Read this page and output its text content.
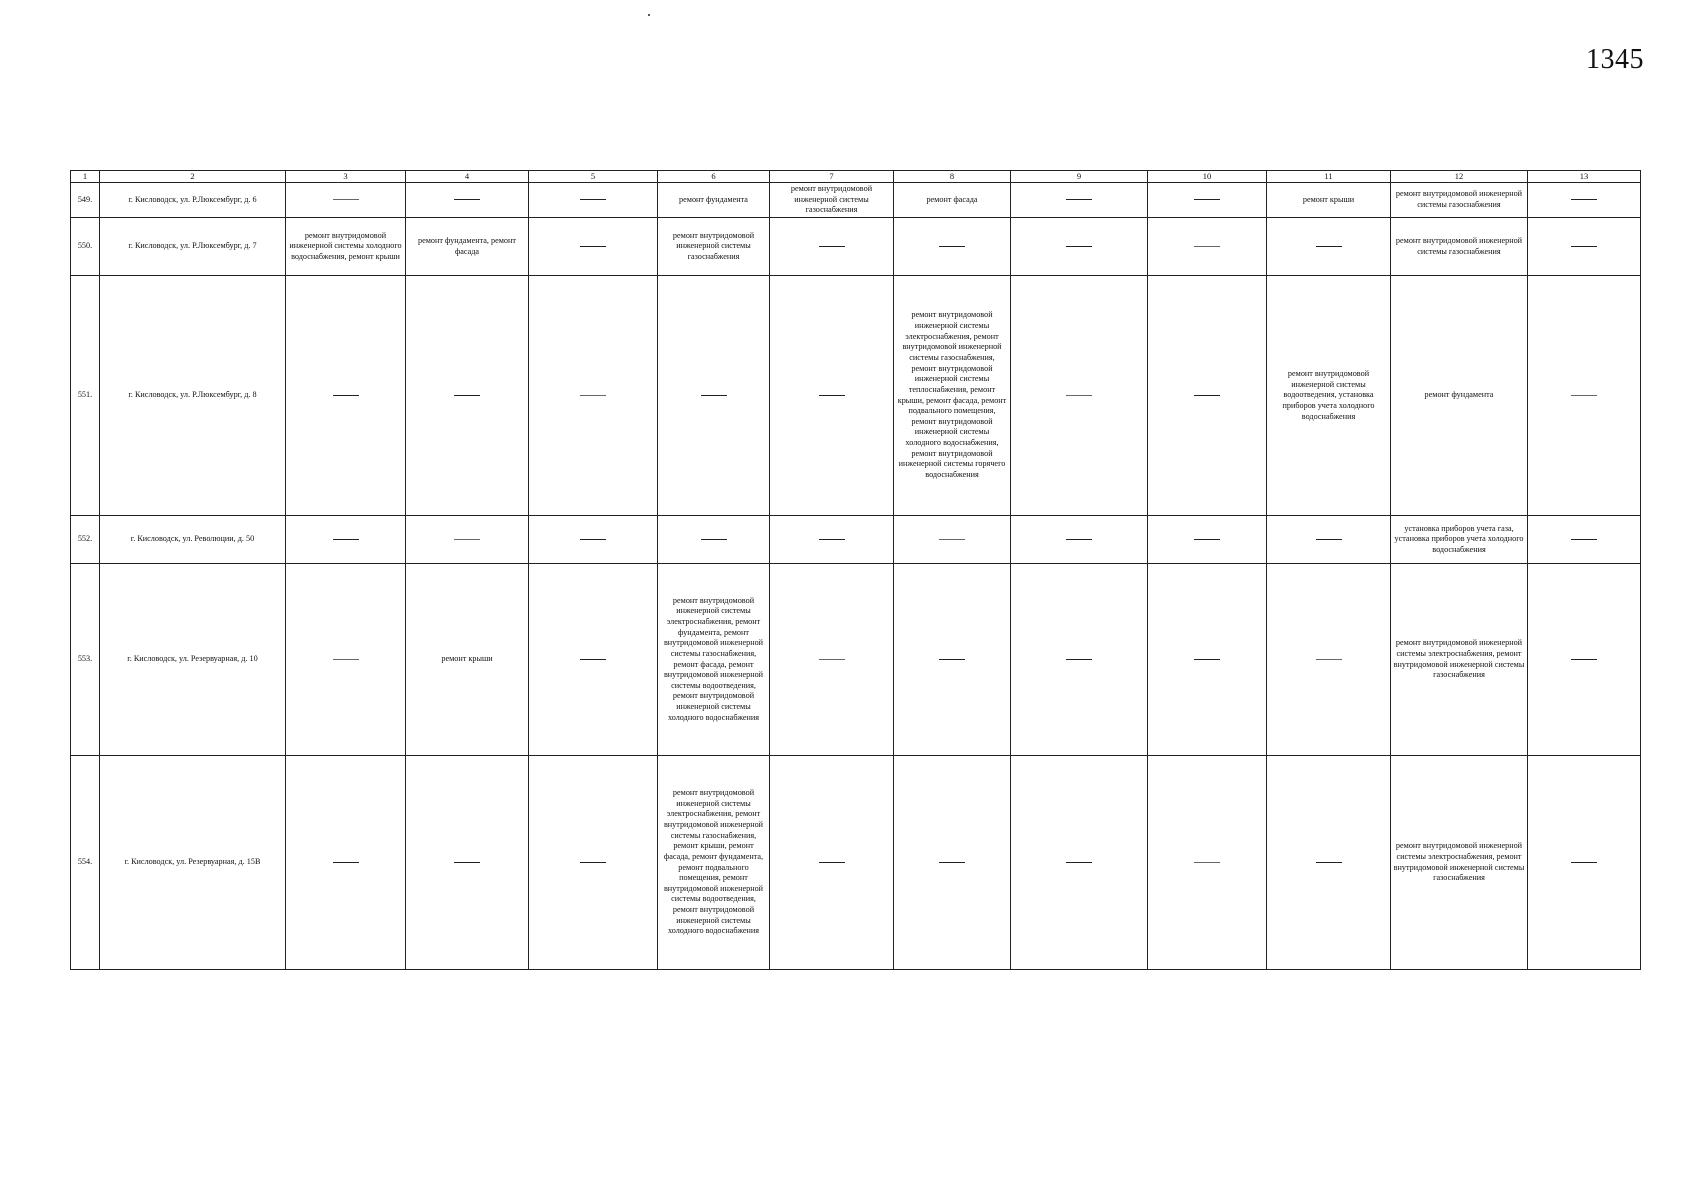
1345
1	2	3	4	5	6	7	8	9	10	11	12	13
549.	г. Кисловодск, ул. Р.Люксембург, д. 6				ремонт фундамента	ремонт внутридомовой инженерной системы газоснабжения	ремонт фасада			ремонт крыши	ремонт внутридомовой инженерной системы газоснабжения	
550.	г. Кисловодск, ул. Р.Люксембург, д. 7	ремонт внутридомовой инженерной системы холодного водоснабжения, ремонт крыши	ремонт фундамента, ремонт фасада		ремонт внутридомовой инженерной системы газоснабжения						ремонт внутридомовой инженерной системы газоснабжения	
551.	г. Кисловодск, ул. Р.Люксембург, д. 8						ремонт внутридомовой инженерной системы электроснабжения, ремонт внутридомовой инженерной системы газоснабжения, ремонт внутридомовой инженерной системы теплоснабжения, ремонт крыши, ремонт фасада, ремонт подвального помещения, ремонт внутридомовой инженерной системы холодного водоснабжения, ремонт внутридомовой инженерной системы горячего водоснабжения			ремонт внутридомовой инженерной системы водоотведения, установка приборов учета холодного водоснабжения	ремонт фундамента	
552.	г. Кисловодск, ул. Революции, д. 50										установка приборов учета газа, установка приборов учета холодного водоснабжения	
553.	г. Кисловодск, ул. Резервуарная, д. 10		ремонт крыши		ремонт внутридомовой инженерной системы электроснабжения, ремонт фундамента, ремонт внутридомовой инженерной системы газоснабжения, ремонт фасада, ремонт внутридомовой инженерной системы водоотведения, ремонт внутридомовой инженерной системы холодного водоснабжения						ремонт внутридомовой инженерной системы электроснабжения, ремонт внутридомовой инженерной системы газоснабжения	
554.	г. Кисловодск, ул. Резервуарная, д. 15В				ремонт внутридомовой инженерной системы электроснабжения, ремонт внутридомовой инженерной системы газоснабжения, ремонт крыши, ремонт фасада, ремонт фундамента, ремонт подвального помещения, ремонт внутридомовой инженерной системы водоотведения, ремонт внутридомовой инженерной системы холодного водоснабжения						ремонт внутридомовой инженерной системы электроснабжения, ремонт внутридомовой инженерной системы газоснабжения	
